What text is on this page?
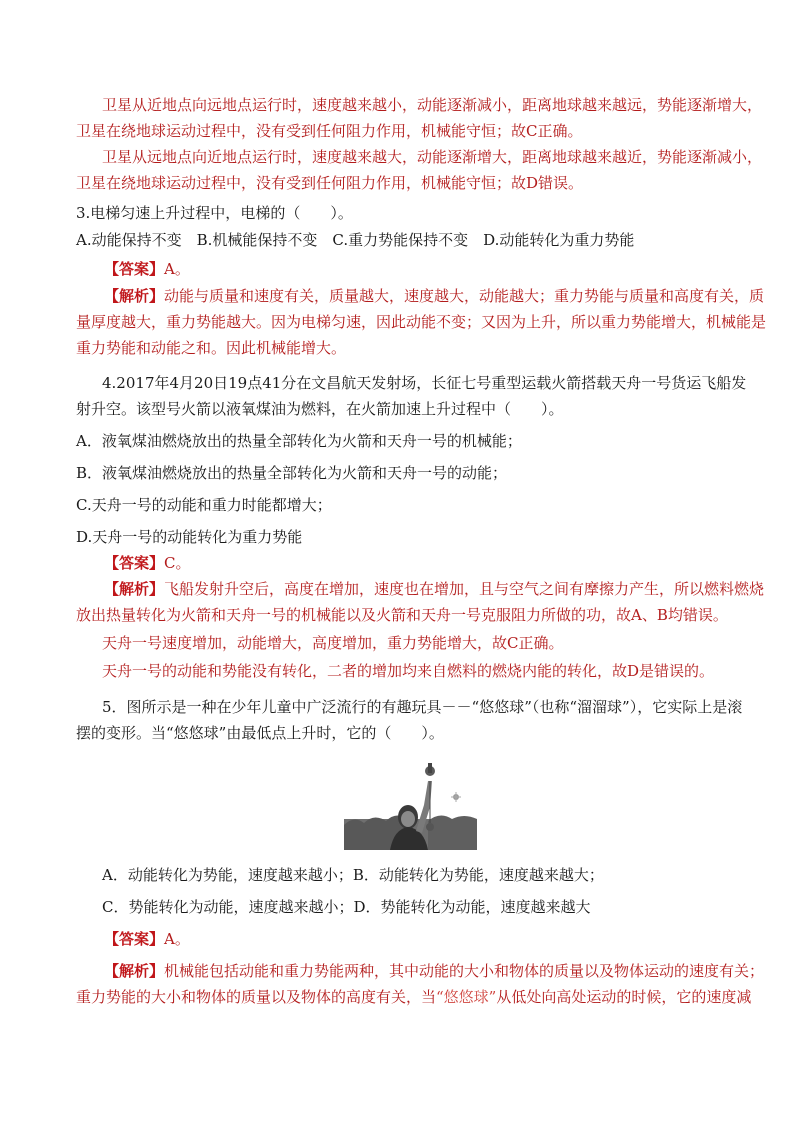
卫星从近地点向远地点运行时，速度越来越小，动能逐渐减小，距离地球越来越远，势能逐渐增大，
卫星在绕地球运动过程中，没有受到任何阻力作用，机械能守恒；故C正确。
卫星从远地点向近地点运行时，速度越来越大，动能逐渐增大，距离地球越来越近，势能逐渐减小，
卫星在绕地球运动过程中，没有受到任何阻力作用，机械能守恒；故D错误。
3.电梯匀速上升过程中，电梯的（　　）。
A.动能保持不变　B.机械能保持不变　C.重力势能保持不变　D.动能转化为重力势能
【答案】A。
【解析】动能与质量和速度有关，质量越大，速度越大，动能越大；重力势能与质量和高度有关，质
量厚度越大，重力势能越大。因为电梯匀速，因此动能不变；又因为上升，所以重力势能增大，机械能是
重力势能和动能之和。因此机械能增大。
4.2017年4月20日19点41分在文昌航天发射场，长征七号重型运载火箭搭载天舟一号货运飞船发
射升空。该型号火箭以液氧煤油为燃料，在火箭加速上升过程中（　　）。
A．液氧煤油燃烧放出的热量全部转化为火箭和天舟一号的机械能；
B．液氧煤油燃烧放出的热量全部转化为火箭和天舟一号的动能；
C.天舟一号的动能和重力时能都增大；
D.天舟一号的动能转化为重力势能
【答案】C。
【解析】飞船发射升空后，高度在增加，速度也在增加，且与空气之间有摩擦力产生，所以燃料燃烧
放出热量转化为火箭和天舟一号的机械能以及火箭和天舟一号克服阻力所做的功，故A、B均错误。
天舟一号速度增加，动能增大，高度增加，重力势能增大，故C正确。
天舟一号的动能和势能没有转化，二者的增加均来自燃料的燃烧内能的转化，故D是错误的。
5．图所示是一种在少年儿童中广泛流行的有趣玩具－－“悠悠球”（也称“溜溜球”），它实际上是滚
摆的变形。当“悠悠球”由最低点上升时，它的（　　）。
A．动能转化为势能，速度越来越小；B．动能转化为势能，速度越来越大；
C．势能转化为动能，速度越来越小；D．势能转化为动能，速度越来越大
【答案】A。
【解析】机械能包括动能和重力势能两种，其中动能的大小和物体的质量以及物体运动的速度有关；
重力势能的大小和物体的质量以及物体的高度有关，当“悠悠球”从低处向高处运动的时候，它的速度减
